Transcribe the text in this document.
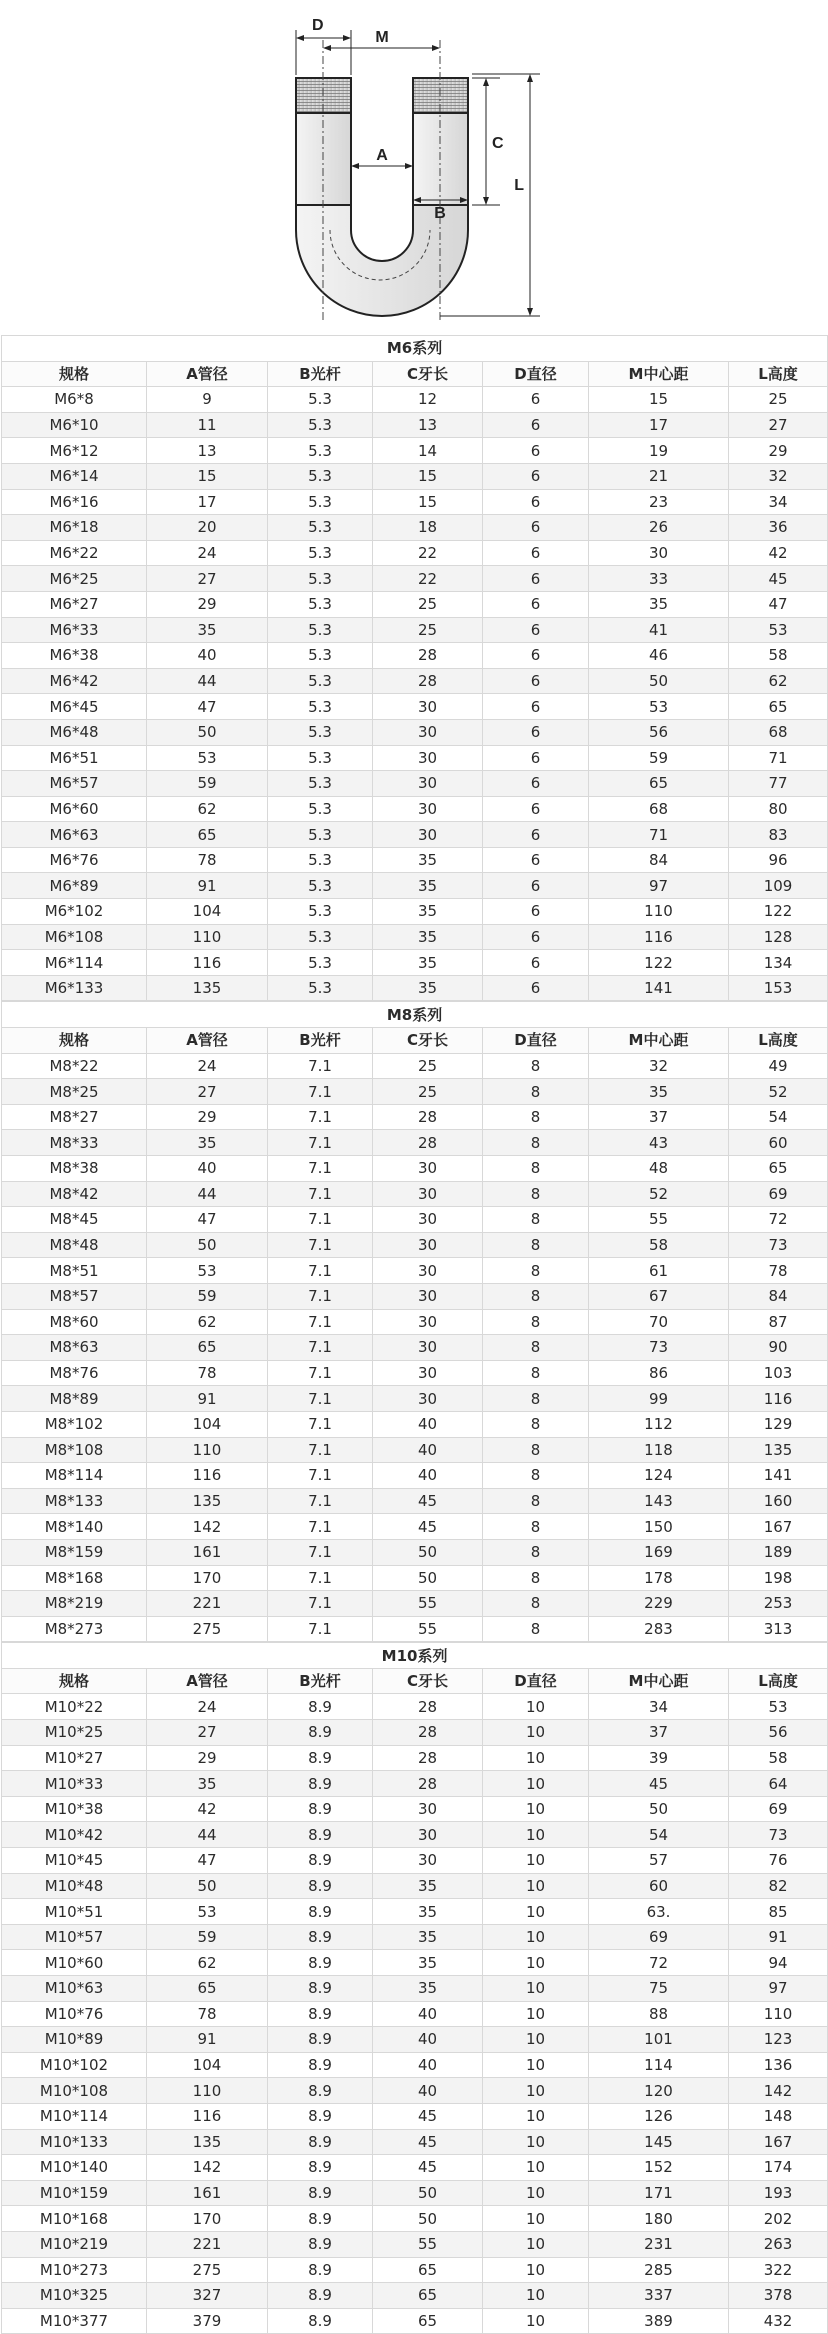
D
M
A
B
C
L
M6系列						
规格	A管径	B光杆	C牙长	D直径	M中心距	L高度
M6*8	9	5.3	12	6	15	25
M6*10	11	5.3	13	6	17	27
M6*12	13	5.3	14	6	19	29
M6*14	15	5.3	15	6	21	32
M6*16	17	5.3	15	6	23	34
M6*18	20	5.3	18	6	26	36
M6*22	24	5.3	22	6	30	42
M6*25	27	5.3	22	6	33	45
M6*27	29	5.3	25	6	35	47
M6*33	35	5.3	25	6	41	53
M6*38	40	5.3	28	6	46	58
M6*42	44	5.3	28	6	50	62
M6*45	47	5.3	30	6	53	65
M6*48	50	5.3	30	6	56	68
M6*51	53	5.3	30	6	59	71
M6*57	59	5.3	30	6	65	77
M6*60	62	5.3	30	6	68	80
M6*63	65	5.3	30	6	71	83
M6*76	78	5.3	35	6	84	96
M6*89	91	5.3	35	6	97	109
M6*102	104	5.3	35	6	110	122
M6*108	110	5.3	35	6	116	128
M6*114	116	5.3	35	6	122	134
M6*133	135	5.3	35	6	141	153
M8系列						
规格	A管径	B光杆	C牙长	D直径	M中心距	L高度
M8*22	24	7.1	25	8	32	49
M8*25	27	7.1	25	8	35	52
M8*27	29	7.1	28	8	37	54
M8*33	35	7.1	28	8	43	60
M8*38	40	7.1	30	8	48	65
M8*42	44	7.1	30	8	52	69
M8*45	47	7.1	30	8	55	72
M8*48	50	7.1	30	8	58	73
M8*51	53	7.1	30	8	61	78
M8*57	59	7.1	30	8	67	84
M8*60	62	7.1	30	8	70	87
M8*63	65	7.1	30	8	73	90
M8*76	78	7.1	30	8	86	103
M8*89	91	7.1	30	8	99	116
M8*102	104	7.1	40	8	112	129
M8*108	110	7.1	40	8	118	135
M8*114	116	7.1	40	8	124	141
M8*133	135	7.1	45	8	143	160
M8*140	142	7.1	45	8	150	167
M8*159	161	7.1	50	8	169	189
M8*168	170	7.1	50	8	178	198
M8*219	221	7.1	55	8	229	253
M8*273	275	7.1	55	8	283	313
M10系列						
规格	A管径	B光杆	C牙长	D直径	M中心距	L高度
M10*22	24	8.9	28	10	34	53
M10*25	27	8.9	28	10	37	56
M10*27	29	8.9	28	10	39	58
M10*33	35	8.9	28	10	45	64
M10*38	42	8.9	30	10	50	69
M10*42	44	8.9	30	10	54	73
M10*45	47	8.9	30	10	57	76
M10*48	50	8.9	35	10	60	82
M10*51	53	8.9	35	10	63.	85
M10*57	59	8.9	35	10	69	91
M10*60	62	8.9	35	10	72	94
M10*63	65	8.9	35	10	75	97
M10*76	78	8.9	40	10	88	110
M10*89	91	8.9	40	10	101	123
M10*102	104	8.9	40	10	114	136
M10*108	110	8.9	40	10	120	142
M10*114	116	8.9	45	10	126	148
M10*133	135	8.9	45	10	145	167
M10*140	142	8.9	45	10	152	174
M10*159	161	8.9	50	10	171	193
M10*168	170	8.9	50	10	180	202
M10*219	221	8.9	55	10	231	263
M10*273	275	8.9	65	10	285	322
M10*325	327	8.9	65	10	337	378
M10*377	379	8.9	65	10	389	432
